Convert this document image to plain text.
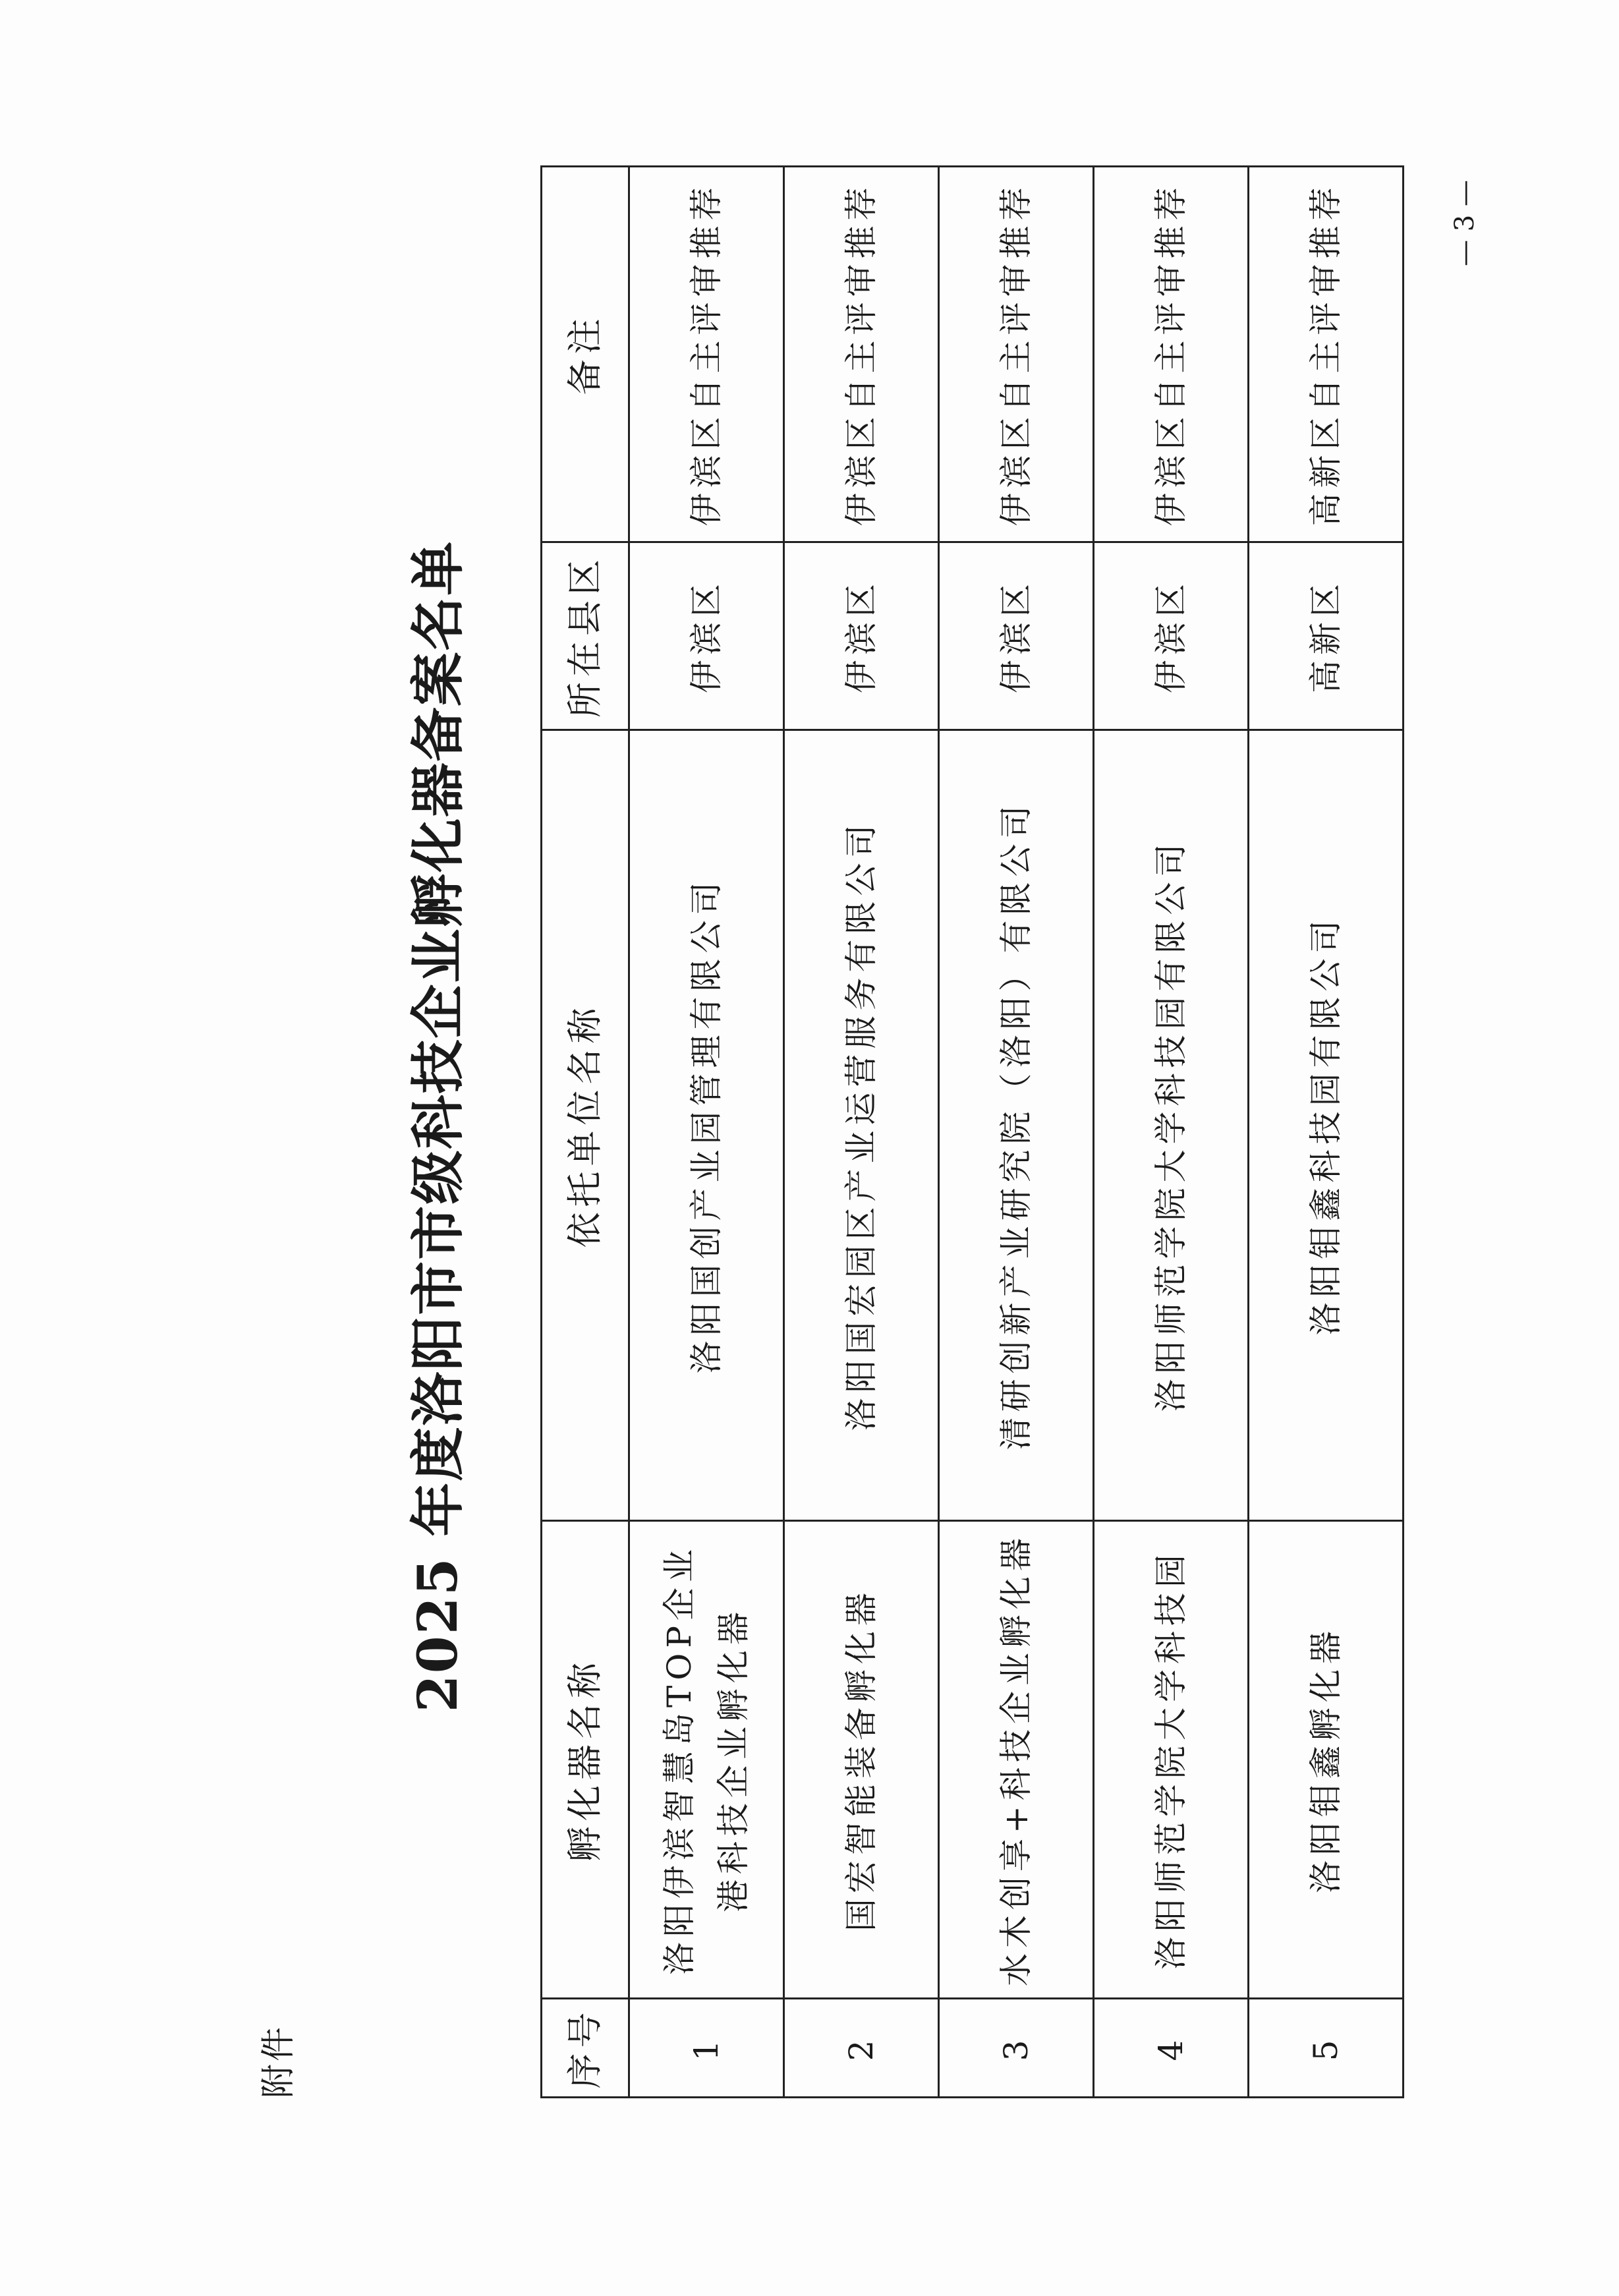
附件
2025 年度洛阳市市级科技企业孵化器备案名单
序号	孵化器名称	依托单位名称	所在县区	备注
1	洛阳伊滨智慧岛TOP企业港科技企业孵化器	洛阳国创产业园管理有限公司	伊滨区	伊滨区自主评审推荐
2	国宏智能装备孵化器	洛阳国宏园区产业运营服务有限公司	伊滨区	伊滨区自主评审推荐
3	水木创享+科技企业孵化器	清研创新产业研究院（洛阳）有限公司	伊滨区	伊滨区自主评审推荐
4	洛阳师范学院大学科技园	洛阳师范学院大学科技园有限公司	伊滨区	伊滨区自主评审推荐
5	洛阳钼鑫孵化器	洛阳钼鑫科技园有限公司	高新区	高新区自主评审推荐	— 3 —
